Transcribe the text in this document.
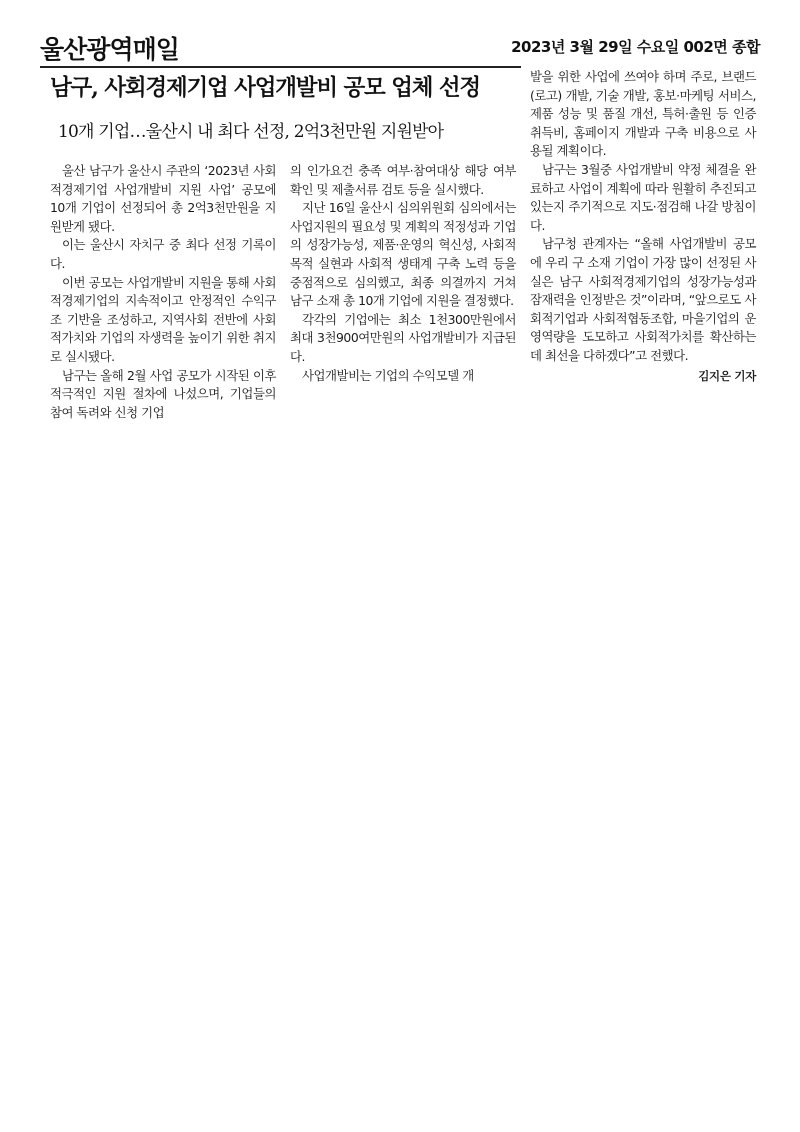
울산광역매일	2023년 3월 29일 수요일 002면 종합
남구, 사회경제기업 사업개발비 공모 업체 선정
10개 기업…울산시 내 최다 선정, 2억3천만원 지원받아

울산 남구가 울산시 주관의 ‘2023년 사회적경제기업 사업개발비 지원 사업’ 공모에 10개 기업이 선정되어 총 2억3천만원을 지원받게 됐다.

이는 울산시 자치구 중 최다 선정 기록이다.

이번 공모는 사업개발비 지원을 통해 사회적경제기업의 지속적이고 안정적인 수익구조 기반을 조성하고, 지역사회 전반에 사회적가치와 기업의 자생력을 높이기 위한 취지로 실시됐다.

남구는 올해 2월 사업 공모가 시작된 이후 적극적인 지원 절차에 나섰으며, 기업들의 참여 독려와 신청 기업

의 인가요건 충족 여부·참여대상 해당 여부 확인 및 제출서류 검토 등을 실시했다.

지난 16일 울산시 심의위원회 심의에서는 사업지원의 필요성 및 계획의 적정성과 기업의 성장가능성, 제품·운영의 혁신성, 사회적 목적 실현과 사회적 생태계 구축 노력 등을 중점적으로 심의했고, 최종 의결까지 거쳐 남구 소재 총 10개 기업에 지원을 결정했다.

각각의 기업에는 최소 1천300만원에서 최대 3천900여만원의 사업개발비가 지급된다.

사업개발비는 기업의 수익모델 개

발을 위한 사업에 쓰여야 하며 주로, 브랜드(로고) 개발, 기술 개발, 홍보·마케팅 서비스, 제품 성능 및 품질 개선, 특허·출원 등 인증 취득비, 홈페이지 개발과 구축 비용으로 사용될 계획이다.

남구는 3월중 사업개발비 약정 체결을 완료하고 사업이 계획에 따라 원활히 추진되고 있는지 주기적으로 지도·점검해 나갈 방침이다.

남구청 관계자는 “올해 사업개발비 공모에 우리 구 소재 기업이 가장 많이 선정된 사실은 남구 사회적경제기업의 성장가능성과 잠재력을 인정받은 것”이라며, “앞으로도 사회적기업과 사회적협동조합, 마을기업의 운영역량을 도모하고 사회적가치를 확산하는 데 최선을 다하겠다”고 전했다.

김지은 기자
